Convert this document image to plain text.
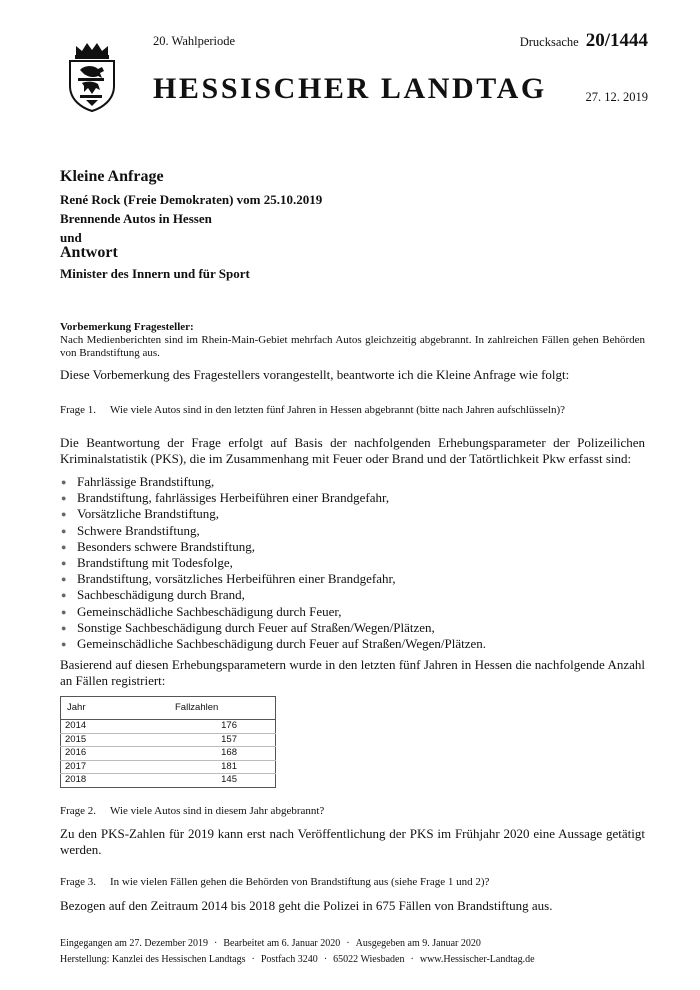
20. Wahlperiode
HESSISCHER LANDTAG
Drucksache 20/1444
27. 12. 2019
Kleine Anfrage
René Rock (Freie Demokraten) vom 25.10.2019
Brennende Autos in Hessen
und
Antwort
Minister des Innern und für Sport
Vorbemerkung Fragesteller:
Nach Medienberichten sind im Rhein-Main-Gebiet mehrfach Autos gleichzeitig abgebrannt. In zahlreichen Fällen gehen Behörden von Brandstiftung aus.
Diese Vorbemerkung des Fragestellers vorangestellt, beantworte ich die Kleine Anfrage wie folgt:
Frage 1.	Wie viele Autos sind in den letzten fünf Jahren in Hessen abgebrannt (bitte nach Jahren aufschlüsseln)?
Die Beantwortung der Frage erfolgt auf Basis der nachfolgenden Erhebungsparameter der Polizeilichen Kriminalstatistik (PKS), die im Zusammenhang mit Feuer oder Brand und der Tatörtlichkeit Pkw erfasst sind:
● Fahrlässige Brandstiftung,
● Brandstiftung, fahrlässiges Herbeiführen einer Brandgefahr,
● Vorsätzliche Brandstiftung,
● Schwere Brandstiftung,
● Besonders schwere Brandstiftung,
● Brandstiftung mit Todesfolge,
● Brandstiftung, vorsätzliches Herbeiführen einer Brandgefahr,
● Sachbeschädigung durch Brand,
● Gemeinschädliche Sachbeschädigung durch Feuer,
● Sonstige Sachbeschädigung durch Feuer auf Straßen/Wegen/Plätzen,
● Gemeinschädliche Sachbeschädigung durch Feuer auf Straßen/Wegen/Plätzen.
Basierend auf diesen Erhebungsparametern wurde in den letzten fünf Jahren in Hessen die nachfolgende Anzahl an Fällen registriert:
Jahr	Fallzahlen
2014	176
2015	157
2016	168
2017	181
2018	145
Frage 2.	Wie viele Autos sind in diesem Jahr abgebrannt?
Zu den PKS-Zahlen für 2019 kann erst nach Veröffentlichung der PKS im Frühjahr 2020 eine Aussage getätigt werden.
Frage 3.	In wie vielen Fällen gehen die Behörden von Brandstiftung aus (siehe Frage 1 und 2)?
Bezogen auf den Zeitraum 2014 bis 2018 geht die Polizei in 675 Fällen von Brandstiftung aus.
Eingegangen am 27. Dezember 2019 · Bearbeitet am 6. Januar 2020 · Ausgegeben am 9. Januar 2020
Herstellung: Kanzlei des Hessischen Landtags · Postfach 3240 · 65022 Wiesbaden · www.Hessischer-Landtag.de
